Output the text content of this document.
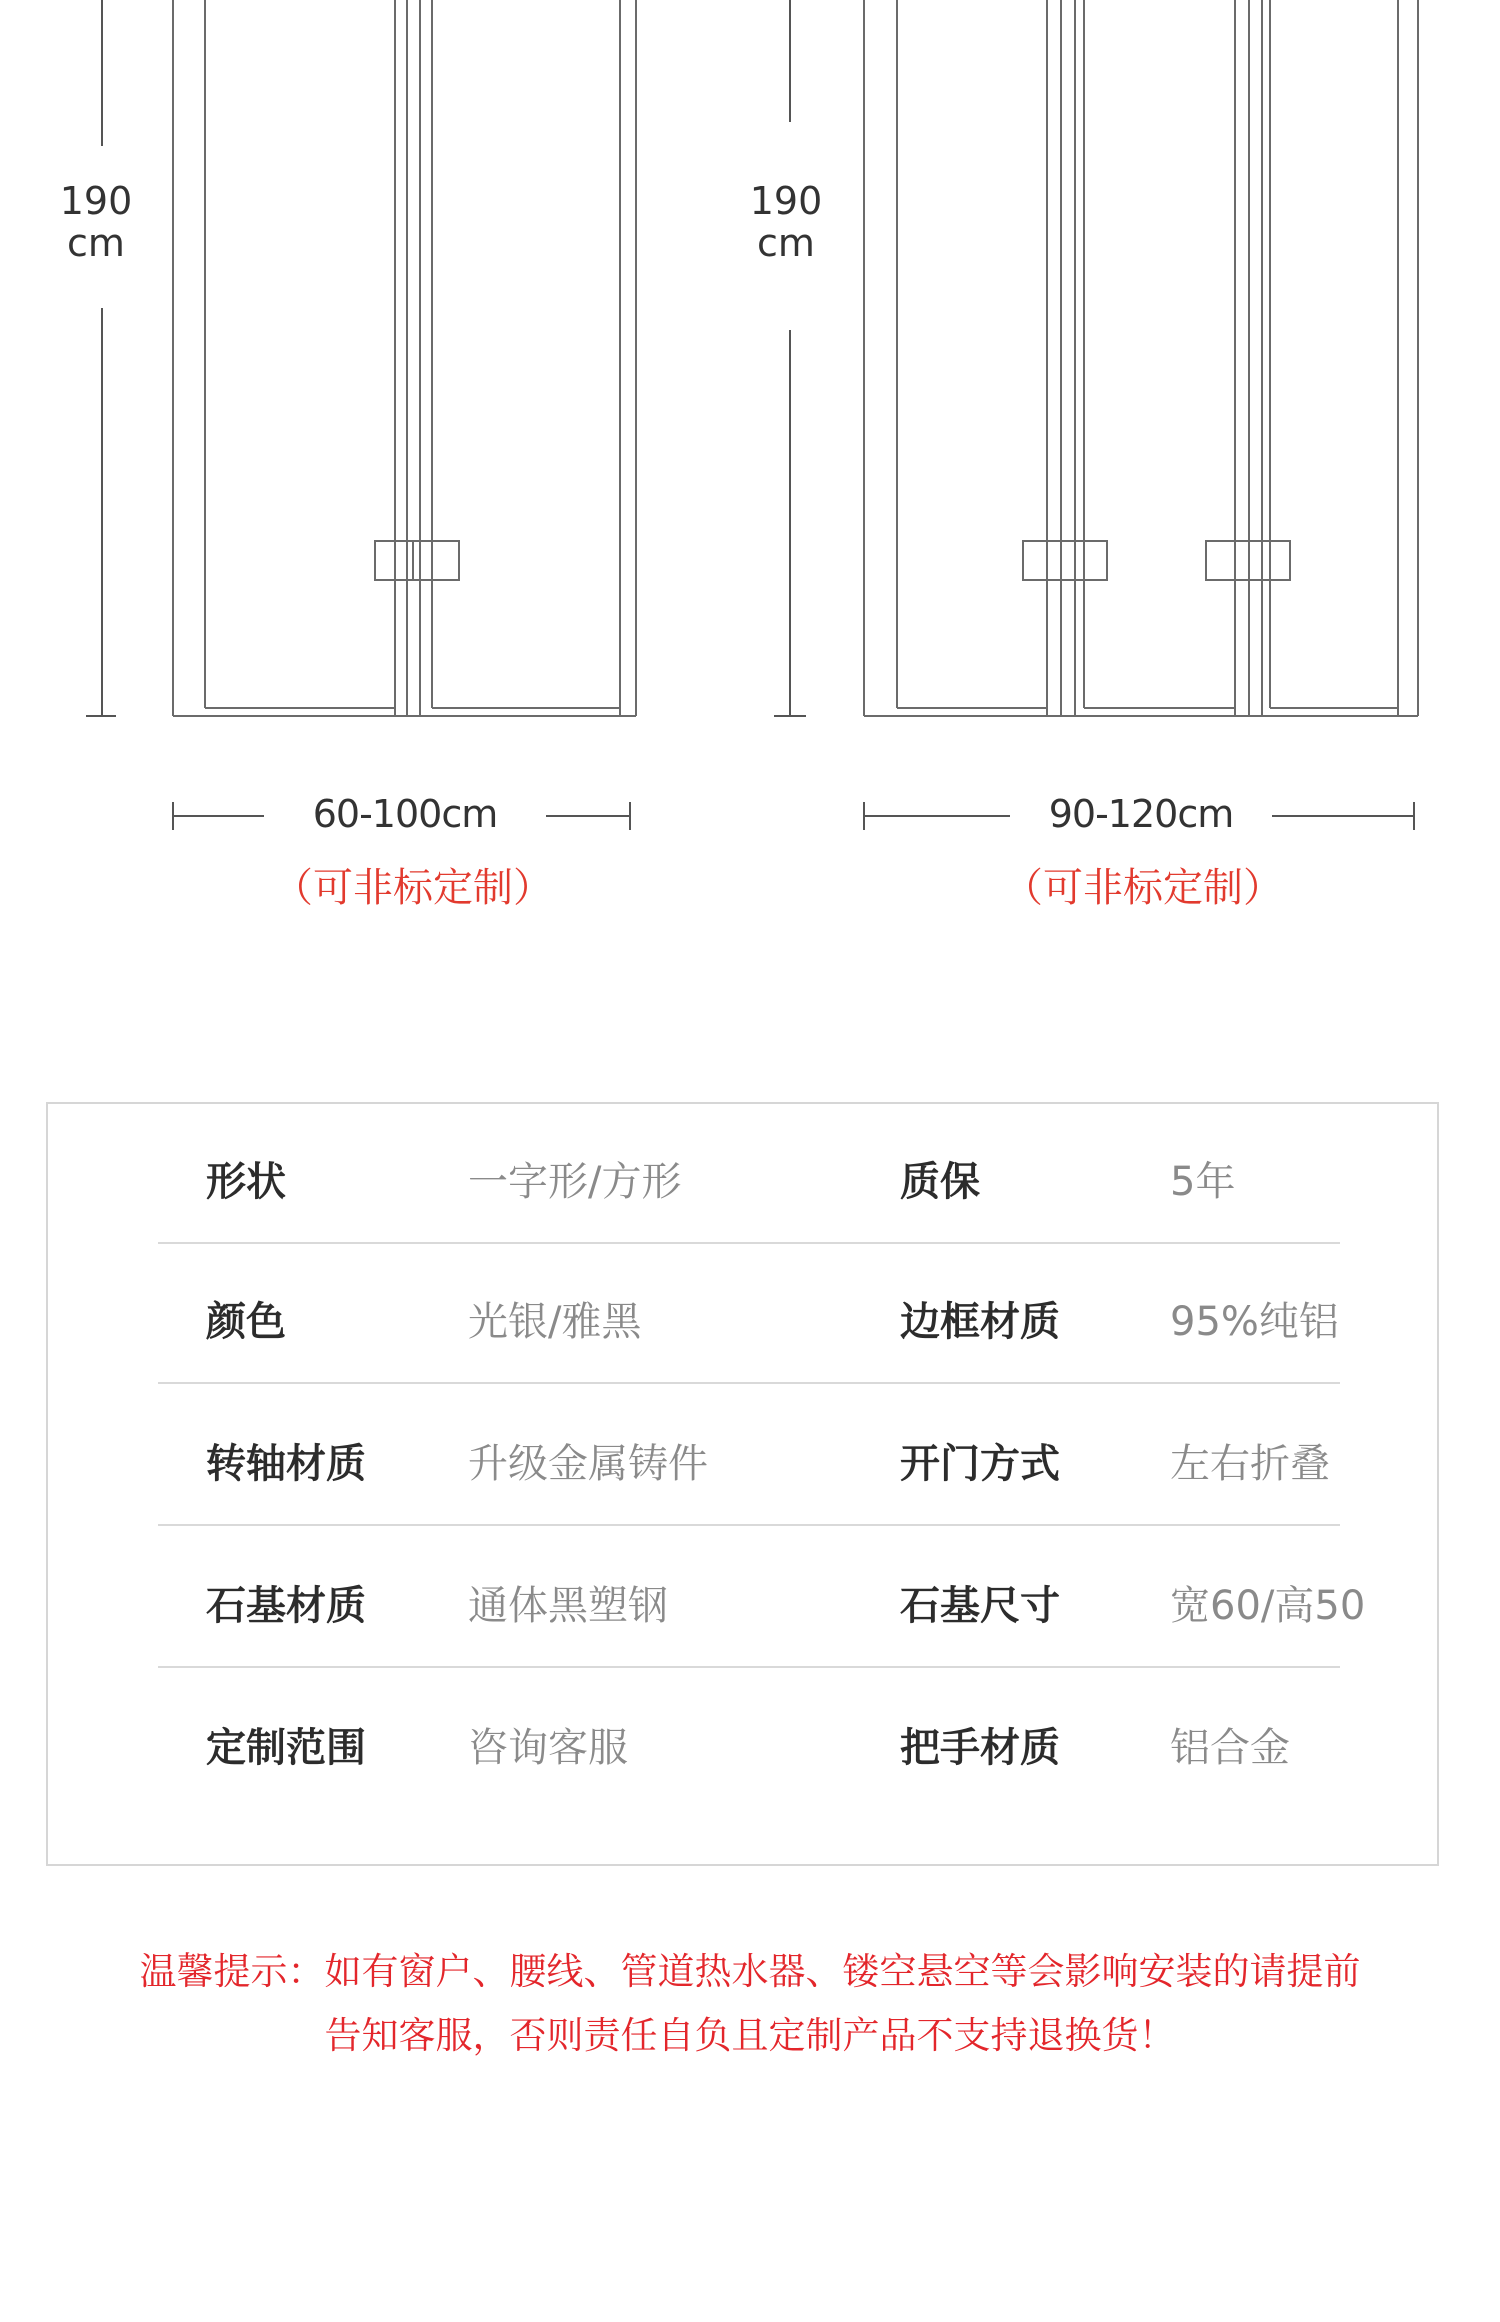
190
cm
190
cm
60-100cm
（可非标定制）
90-120cm
（可非标定制）
形状	一字形/方形	质保	5年
颜色	光银/雅黑	边框材质	95%纯铝
转轴材质	升级金属铸件	开门方式	左右折叠
石基材质	通体黑塑钢	石基尺寸	宽60/高50
定制范围	咨询客服	把手材质	铝合金
温馨提示：如有窗户、腰线、管道热水器、镂空悬空等会影响安装的请提前
告知客服，否则责任自负且定制产品不支持退换货！
